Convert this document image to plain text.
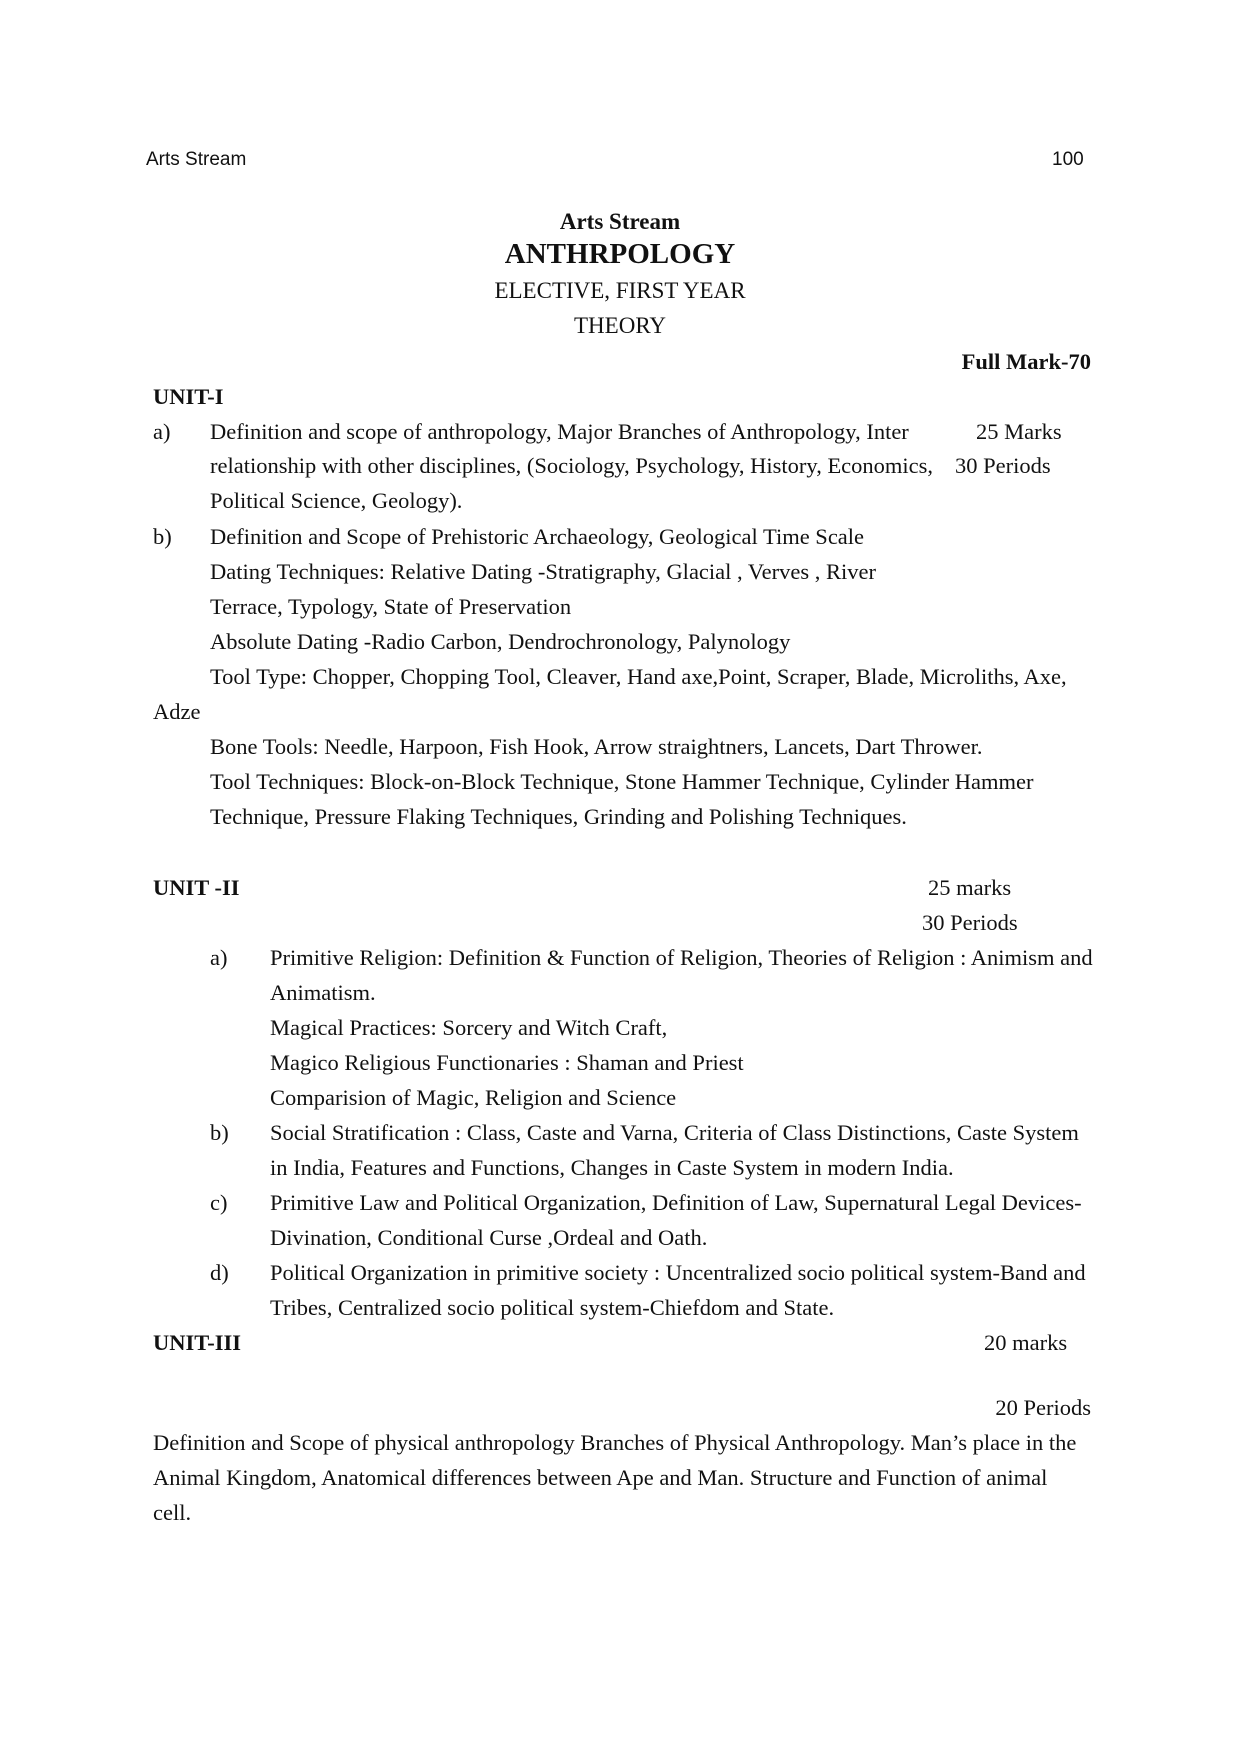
Arts Stream	100
Arts Stream
ANTHRPOLOGY
ELECTIVE, FIRST YEAR
THEORY
Full Mark-70
UNIT-I
a) Definition and scope of anthropology, Major Branches of Anthropology, Inter	25 Marks
relationship with other disciplines, (Sociology, Psychology, History, Economics, 30 Periods
Political Science, Geology).
b) Definition and Scope of Prehistoric Archaeology, Geological Time Scale
Dating Techniques: Relative Dating -Stratigraphy, Glacial , Verves , River
Terrace, Typology, State of Preservation
Absolute Dating -Radio Carbon, Dendrochronology, Palynology
Tool Type: Chopper, Chopping Tool, Cleaver, Hand axe,Point, Scraper, Blade, Microliths, Axe,
Adze
Bone Tools: Needle, Harpoon, Fish Hook, Arrow straightners, Lancets, Dart Thrower.
Tool Techniques: Block-on-Block Technique, Stone Hammer Technique, Cylinder Hammer
Technique, Pressure Flaking Techniques, Grinding and Polishing Techniques.
UNIT -II	25 marks
30 Periods
a) Primitive Religion: Definition & Function of Religion, Theories of Religion : Animism and
Animatism.
Magical Practices: Sorcery and Witch Craft,
Magico Religious Functionaries : Shaman and Priest
Comparision of Magic, Religion and Science
b) Social Stratification : Class, Caste and Varna, Criteria of Class Distinctions, Caste System
in India, Features and Functions, Changes in Caste System in modern India.
c) Primitive Law and Political Organization, Definition of Law, Supernatural Legal Devices-
Divination, Conditional Curse ,Ordeal and Oath.
d) Political Organization in primitive society : Uncentralized socio political system-Band and
Tribes, Centralized socio political system-Chiefdom and State.
UNIT-III	20 marks
20 Periods
Definition and Scope of physical anthropology Branches of Physical Anthropology. Man’s place in the
Animal Kingdom, Anatomical differences between Ape and Man. Structure and Function of animal
cell.
